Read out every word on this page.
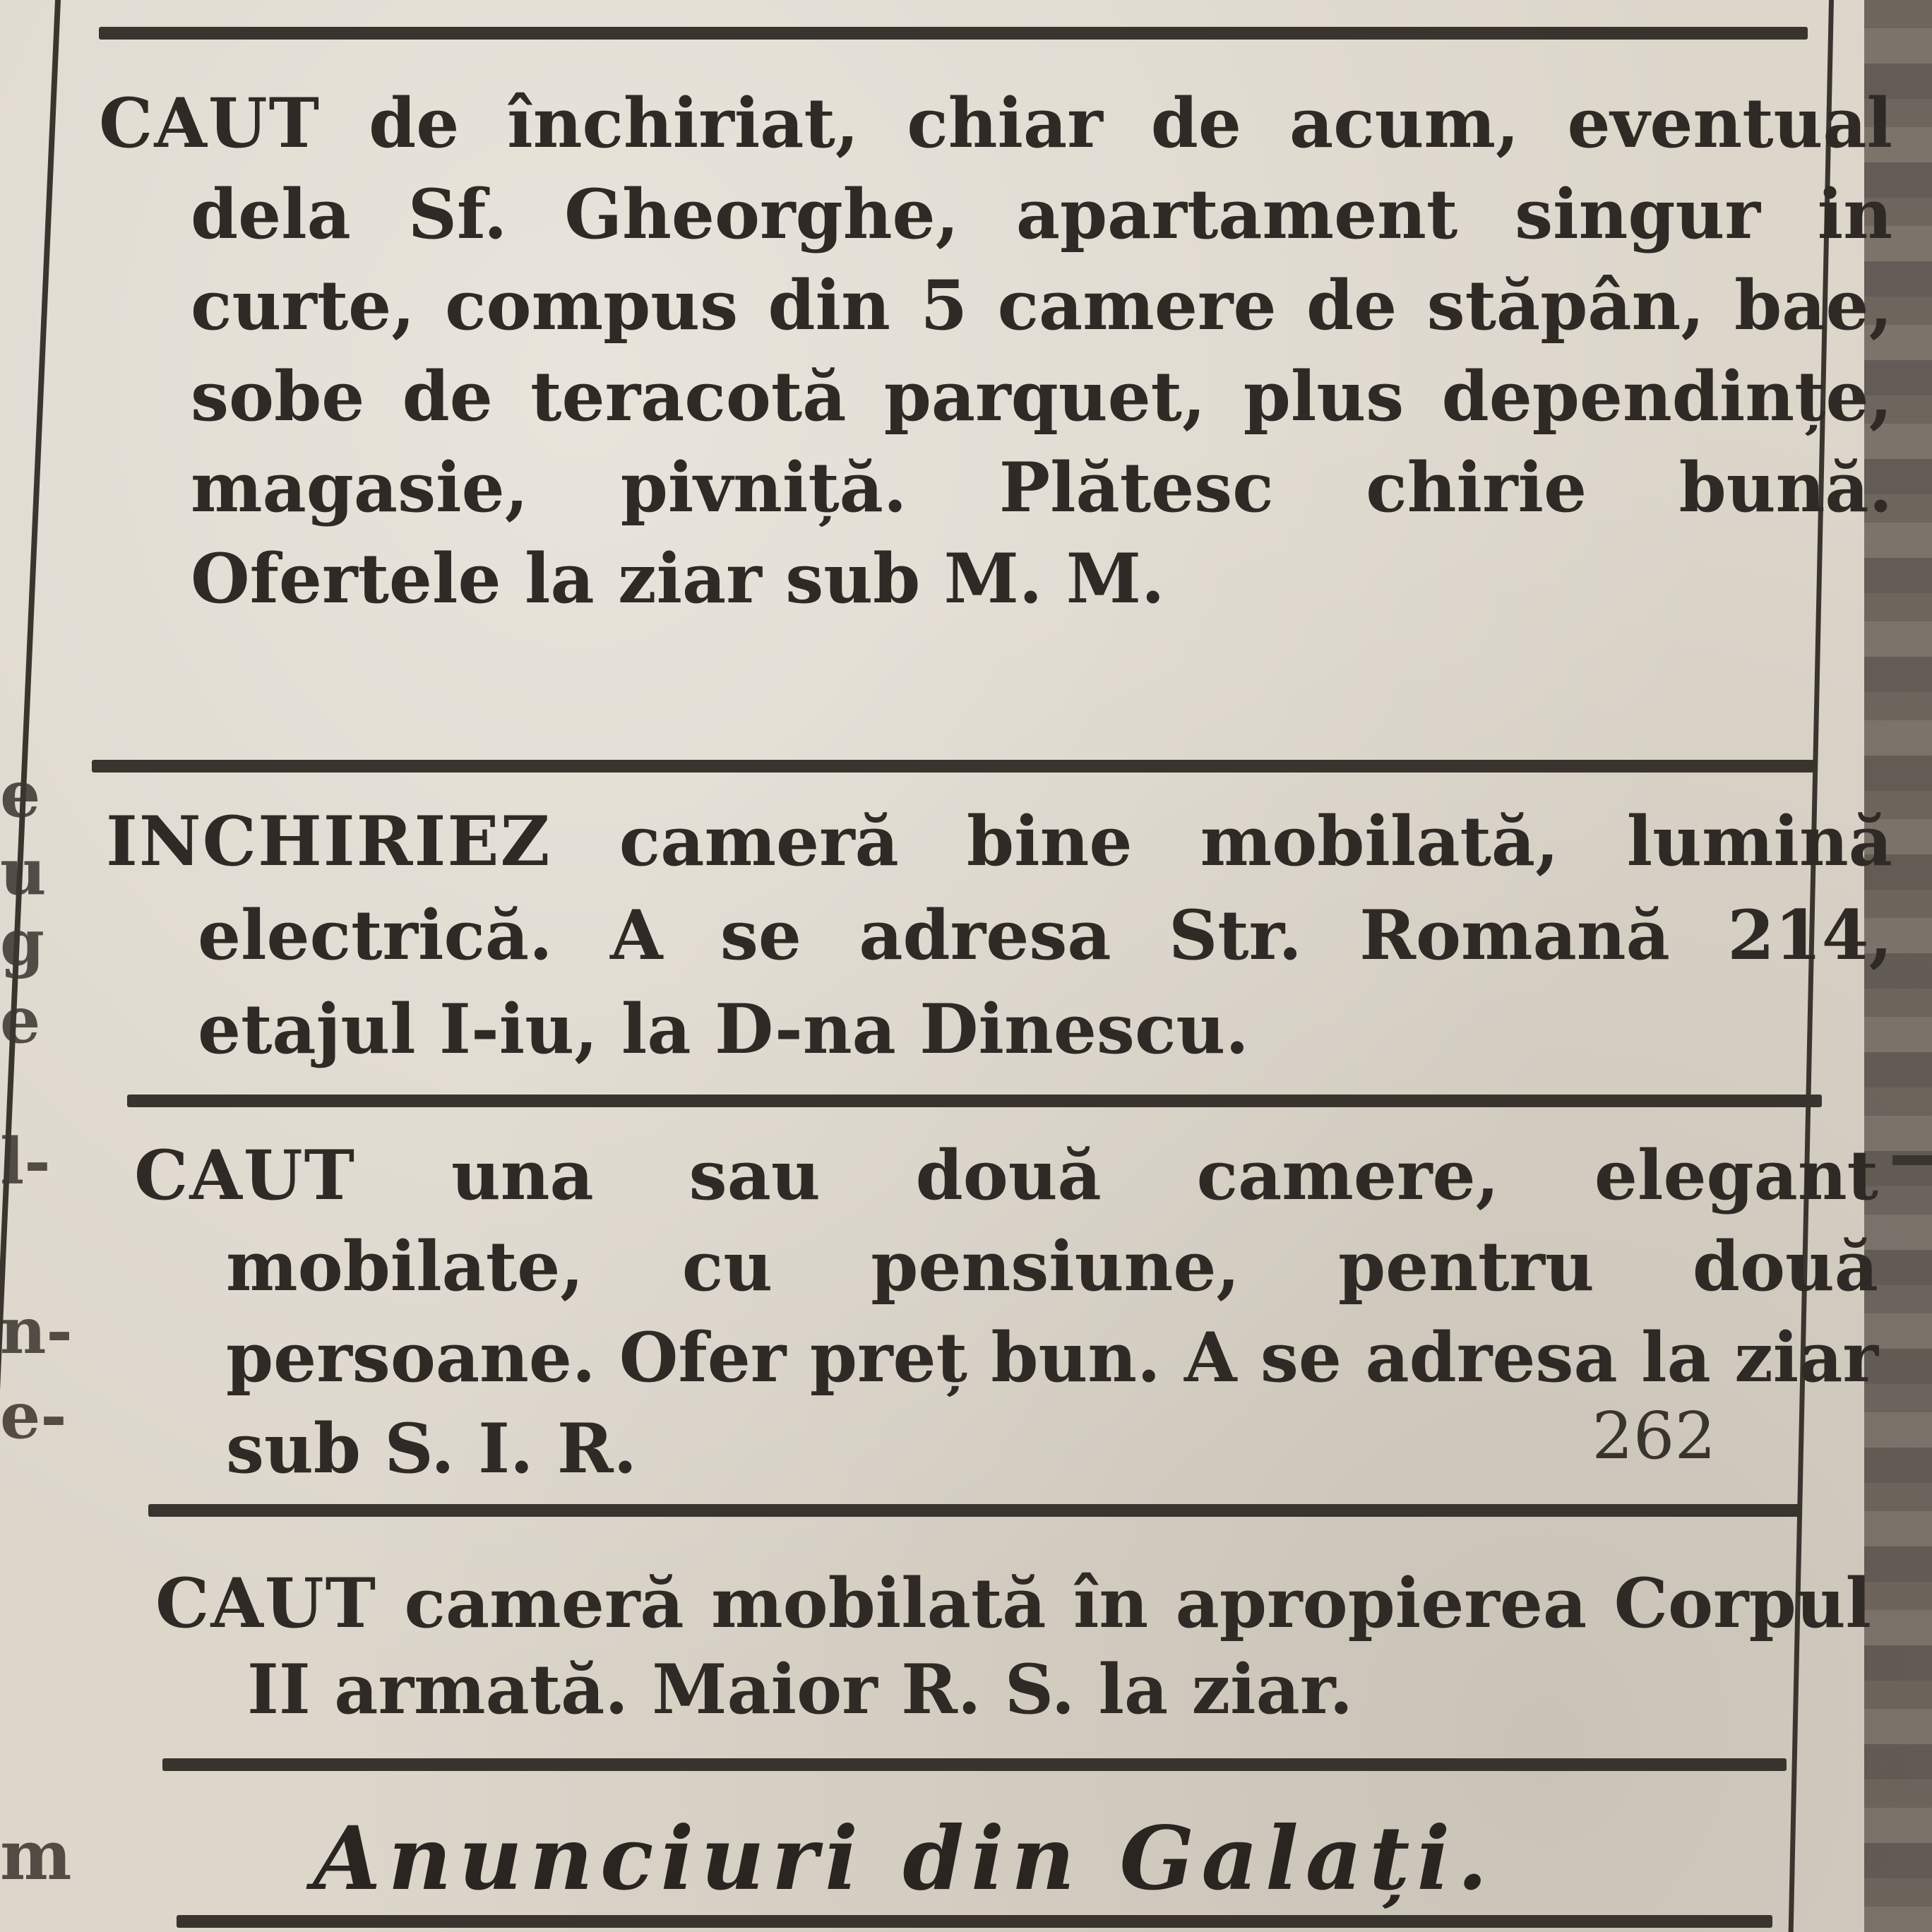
e
u
g
e
l-
n-
e-
m

CAUT de închiriat, chiar de acum, eventual dela Sf. Gheorghe, apartament singur in curte, compus din 5 camere de stăpân, bae, sobe de teracotă parquet, plus dependințe, magasie, pivniță. Plătesc chirie bună. Ofertele la ziar sub M. M.

INCHIRIEZ cameră bine mobilată, lumină electrică. A se adresa Str. Romană 214, etajul I-iu, la D-na Dinescu.

CAUT una sau două camere, elegant mobilate, cu pensiune, pentru două persoane. Ofer preț bun. A se adresa la ziar sub S. I. R.	262

CAUT cameră mobilată în apropierea Corpul II armată. Maior R. S. la ziar.

Anunciuri din Galați.
